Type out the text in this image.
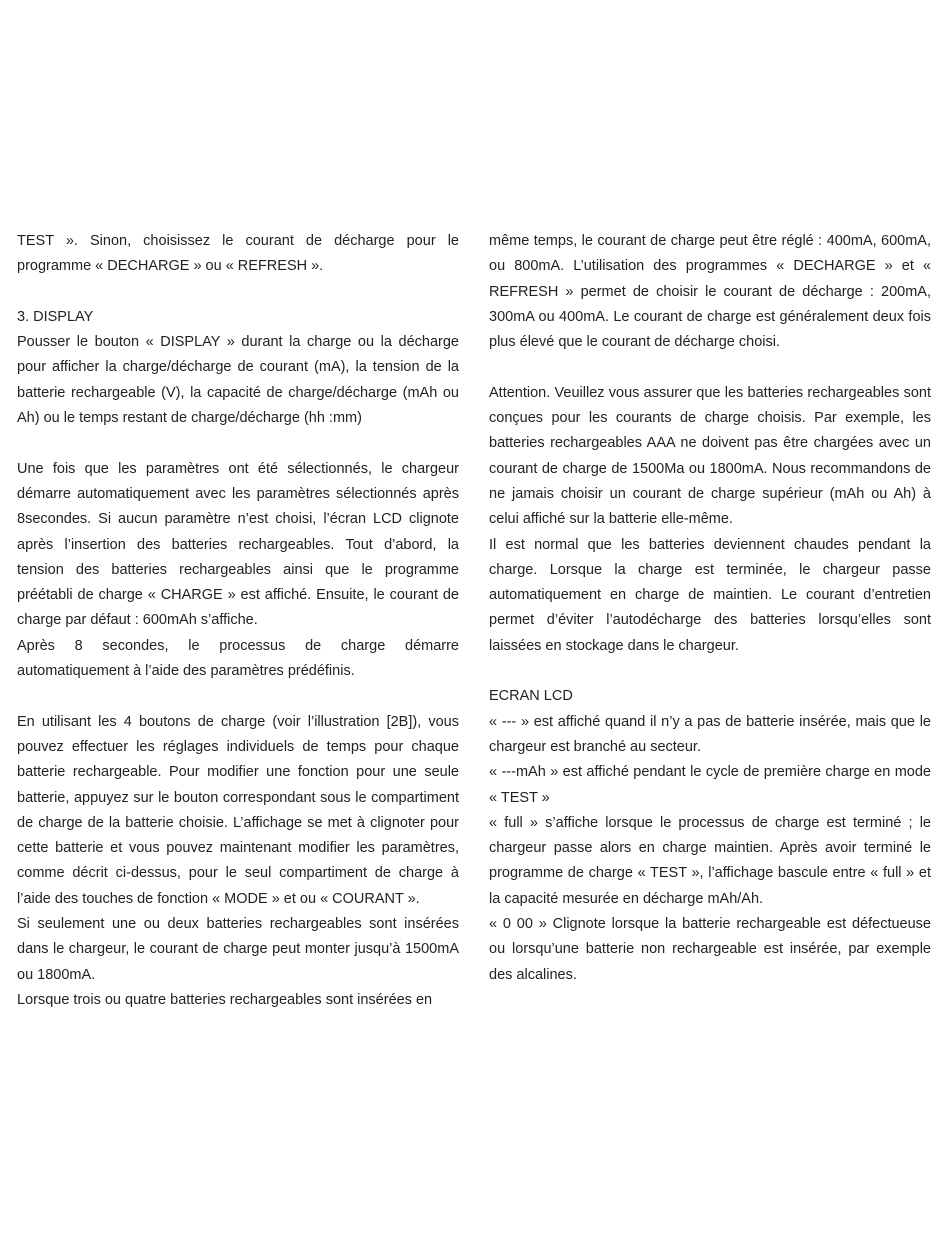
TEST ». Sinon, choisissez le courant de décharge pour le programme « DECHARGE » ou « REFRESH ».

3. DISPLAY

Pousser le bouton « DISPLAY » durant la charge ou la décharge pour afficher la charge/décharge de courant (mA), la tension de la batterie rechargeable (V), la capacité de charge/décharge (mAh ou Ah) ou le temps restant de charge/décharge (hh :mm)

Une fois que les paramètres ont été sélectionnés, le chargeur démarre automatiquement avec les paramètres sélectionnés après 8secondes. Si aucun paramètre n’est choisi, l’écran LCD clignote après l’insertion des batteries rechargeables. Tout d’abord, la tension des batteries rechargeables ainsi que le programme préétabli de charge « CHARGE » est affiché. Ensuite, le courant de charge par défaut : 600mAh s’affiche.

Après 8 secondes, le processus de charge démarre automatiquement à l’aide des paramètres prédéfinis.

En utilisant les 4 boutons de charge (voir l’illustration [2B]), vous pouvez effectuer les réglages individuels de temps pour chaque batterie rechargeable. Pour modifier une fonction pour une seule batterie, appuyez sur le bouton correspondant sous le compartiment de charge de la batterie choisie. L’affichage se met à clignoter pour cette batterie et vous pouvez maintenant modifier les paramètres, comme décrit ci-dessus, pour le seul compartiment de charge à l’aide des touches de fonction « MODE » et ou « COURANT ».

Si seulement une ou deux batteries rechargeables sont insérées dans le chargeur, le courant de charge peut monter jusqu’à 1500mA ou 1800mA.

Lorsque trois ou quatre batteries rechargeables sont insérées en

même temps, le courant de charge peut être réglé : 400mA, 600mA, ou 800mA. L’utilisation des programmes « DECHARGE » et « REFRESH » permet de choisir le courant de décharge : 200mA, 300mA ou 400mA. Le courant de charge est généralement deux fois plus élevé que le courant de décharge choisi.

Attention. Veuillez vous assurer que les batteries rechargeables sont conçues pour les courants de charge choisis. Par exemple, les batteries rechargeables AAA ne doivent pas être chargées avec un courant de charge de 1500Ma ou 1800mA. Nous recommandons de ne jamais choisir un courant de charge supérieur (mAh ou Ah) à celui affiché sur la batterie elle-même.

Il est normal que les batteries deviennent chaudes pendant la charge. Lorsque la charge est terminée, le chargeur passe automatiquement en charge de maintien. Le courant d’entretien permet d’éviter l’autodécharge des batteries lorsqu’elles sont laissées en stockage dans le chargeur.

ECRAN LCD

« --- » est affiché quand il n’y a pas de batterie insérée, mais que le chargeur est branché au secteur.

« ---mAh » est affiché pendant le cycle de première charge en mode « TEST »

« full » s’affiche lorsque le processus de charge est terminé ; le chargeur passe alors en charge maintien. Après avoir terminé le programme de charge « TEST », l’affichage bascule entre « full » et la capacité mesurée en décharge mAh/Ah.

« 0 00 » Clignote lorsque la batterie rechargeable est défectueuse ou lorsqu’une batterie non rechargeable est insérée, par exemple des alcalines.
